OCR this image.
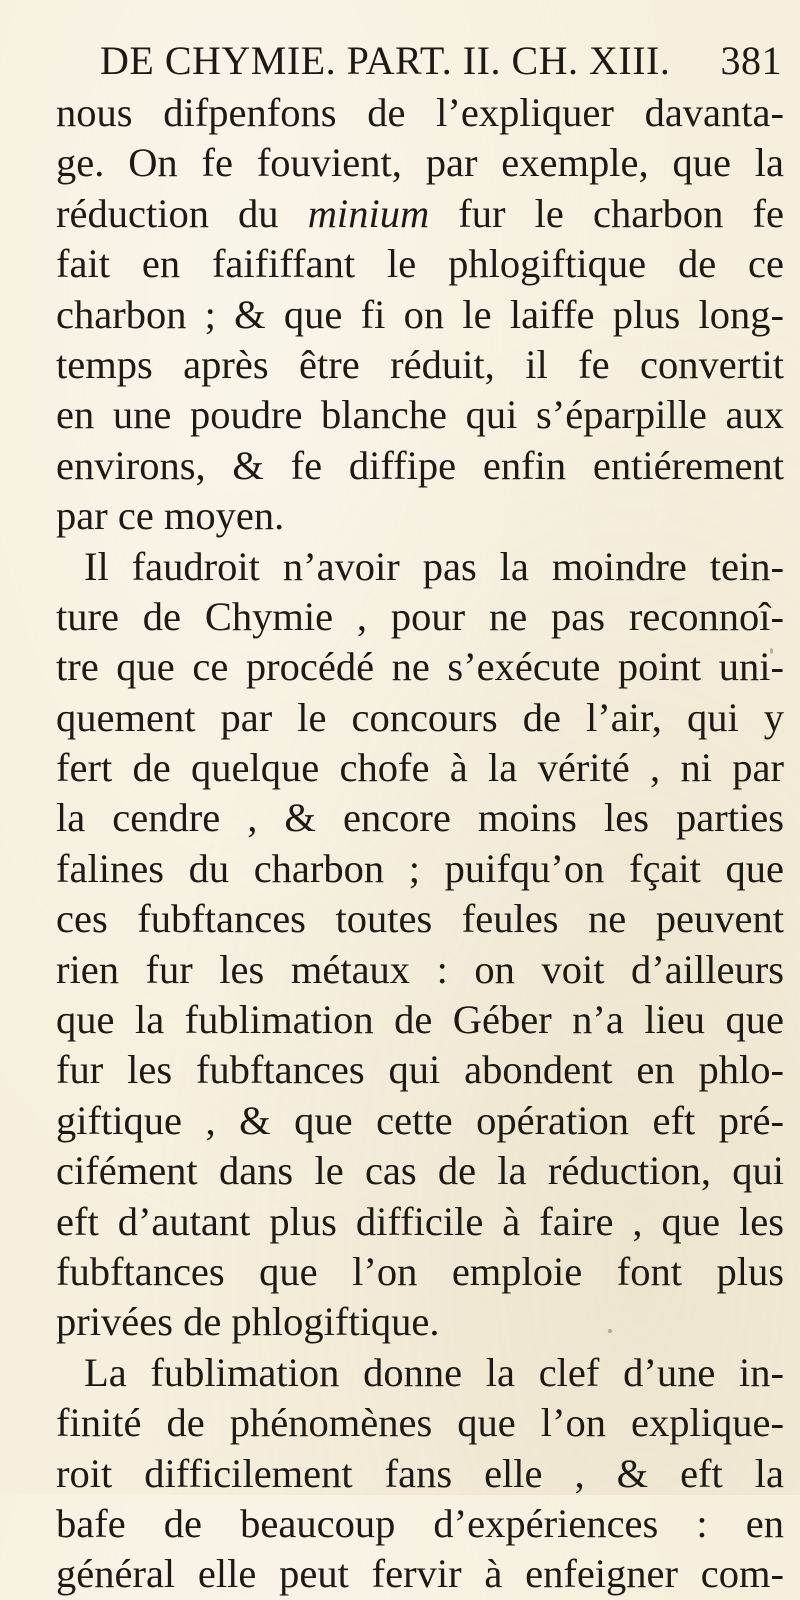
DE CHYMIE. PART. II. CH. XIII. 381
nous difpenfons de l’expliquer davanta-
ge. On fe fouvient, par exemple, que la
réduction du minium fur le charbon fe
fait en faififfant le phlogiftique de ce
charbon ; & que fi on le laiffe plus long-
temps après être réduit, il fe convertit
en une poudre blanche qui s’éparpille aux
environs, & fe diffipe enfin entiérement
par ce moyen.
Il faudroit n’avoir pas la moindre tein-
ture de Chymie , pour ne pas reconnoî-
tre que ce procédé ne s’exécute point uni-
quement par le concours de l’air, qui y
fert de quelque chofe à la vérité , ni par
la cendre , & encore moins les parties
falines du charbon ; puifqu’on fçait que
ces fubftances toutes feules ne peuvent
rien fur les métaux : on voit d’ailleurs
que la fublimation de Géber n’a lieu que
fur les fubftances qui abondent en phlo-
giftique , & que cette opération eft pré-
cifément dans le cas de la réduction, qui
eft d’autant plus difficile à faire , que les
fubftances que l’on emploie font plus
privées de phlogiftique.
La fublimation donne la clef d’une in-
finité de phénomènes que l’on explique-
roit difficilement fans elle , & eft la
bafe de beaucoup d’expériences : en
général elle peut fervir à enfeigner com-
